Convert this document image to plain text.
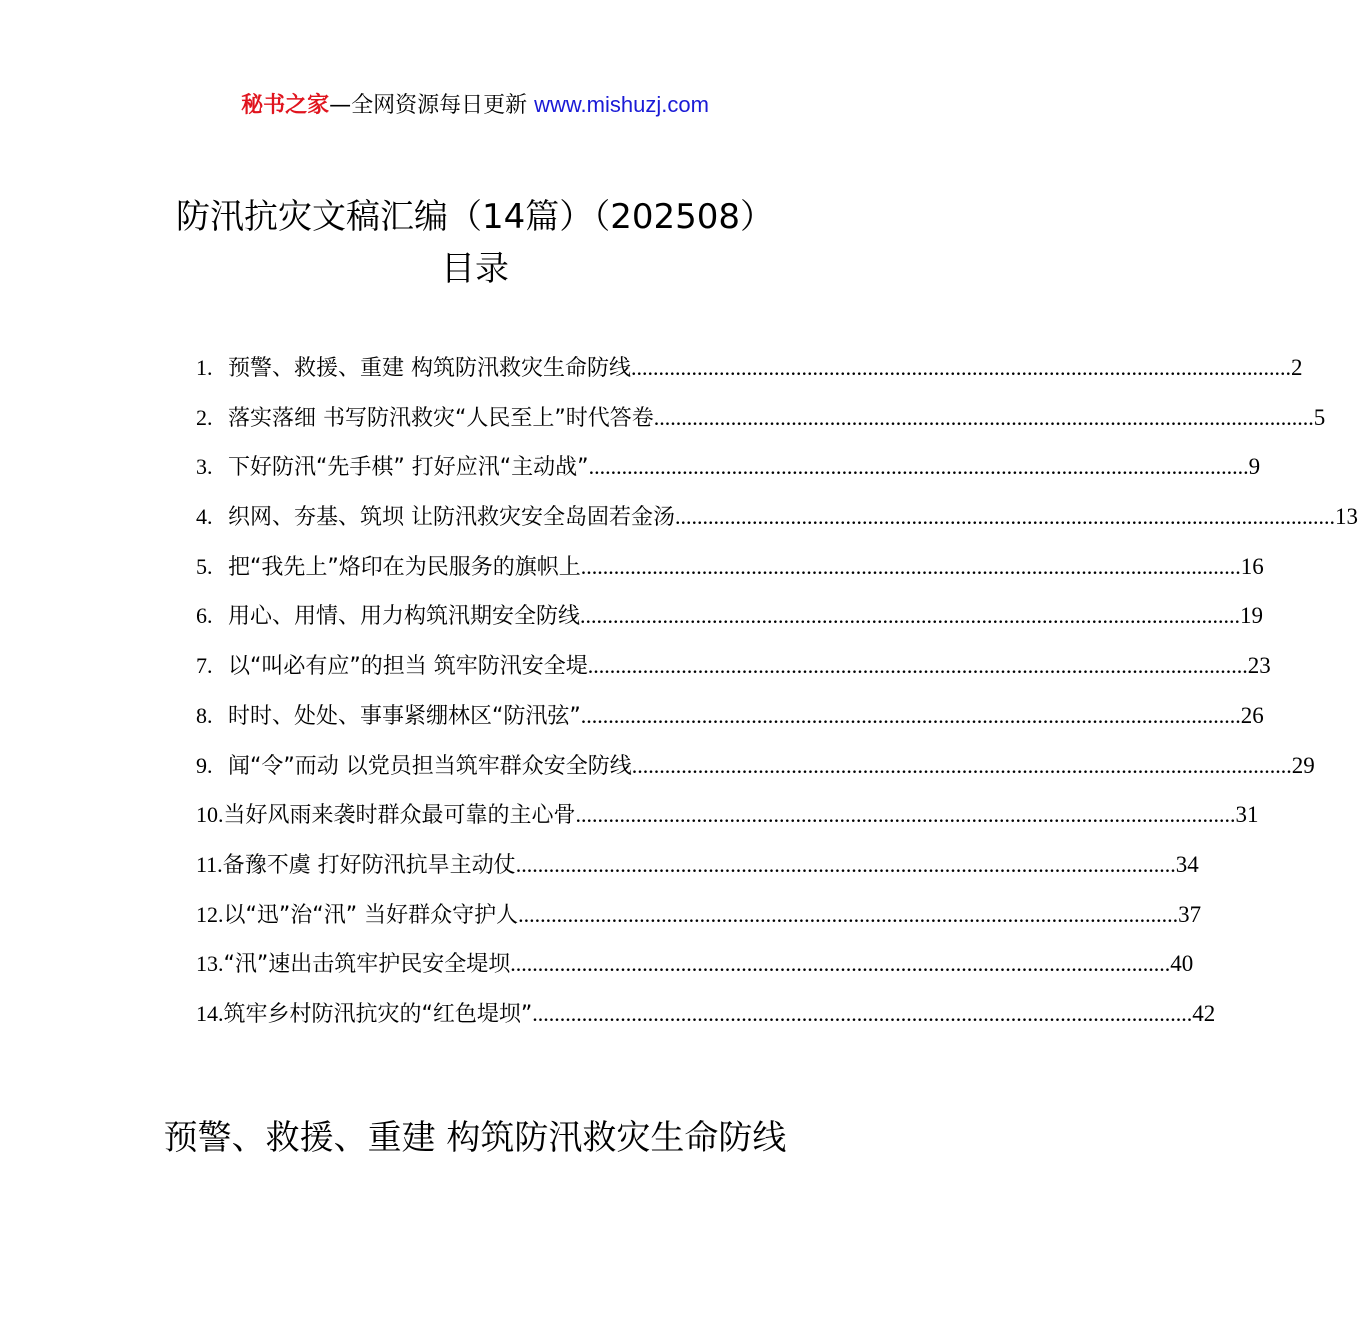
秘书之家—全网资源每日更新 www.mishuzj.com
防汛抗灾文稿汇编（14篇）（202508）
目录
1. 预警、救援、重建 构筑防汛救灾生命防线 .....	2
2. 落实落细 书写防汛救灾“人民至上”时代答卷 .....	5
3. 下好防汛“先手棋” 打好应汛“主动战” .....	9
4. 织网、夯基、筑坝 让防汛救灾安全岛固若金汤 .....	13
5. 把“我先上”烙印在为民服务的旗帜上 .....	16
6. 用心、用情、用力构筑汛期安全防线 .....	19
7. 以“叫必有应”的担当 筑牢防汛安全堤 .....	23
8. 时时、处处、事事紧绷林区“防汛弦” .....	26
9. 闻“令”而动 以党员担当筑牢群众安全防线 .....	29
10. 当好风雨来袭时群众最可靠的主心骨 .....	31
11. 备豫不虞 打好防汛抗旱主动仗 .....	34
12. 以“迅”治“汛” 当好群众守护人 .....	37
13. “汛”速出击筑牢护民安全堤坝 .....	40
14. 筑牢乡村防汛抗灾的“红色堤坝” .....	42
预警、救援、重建 构筑防汛救灾生命防线
